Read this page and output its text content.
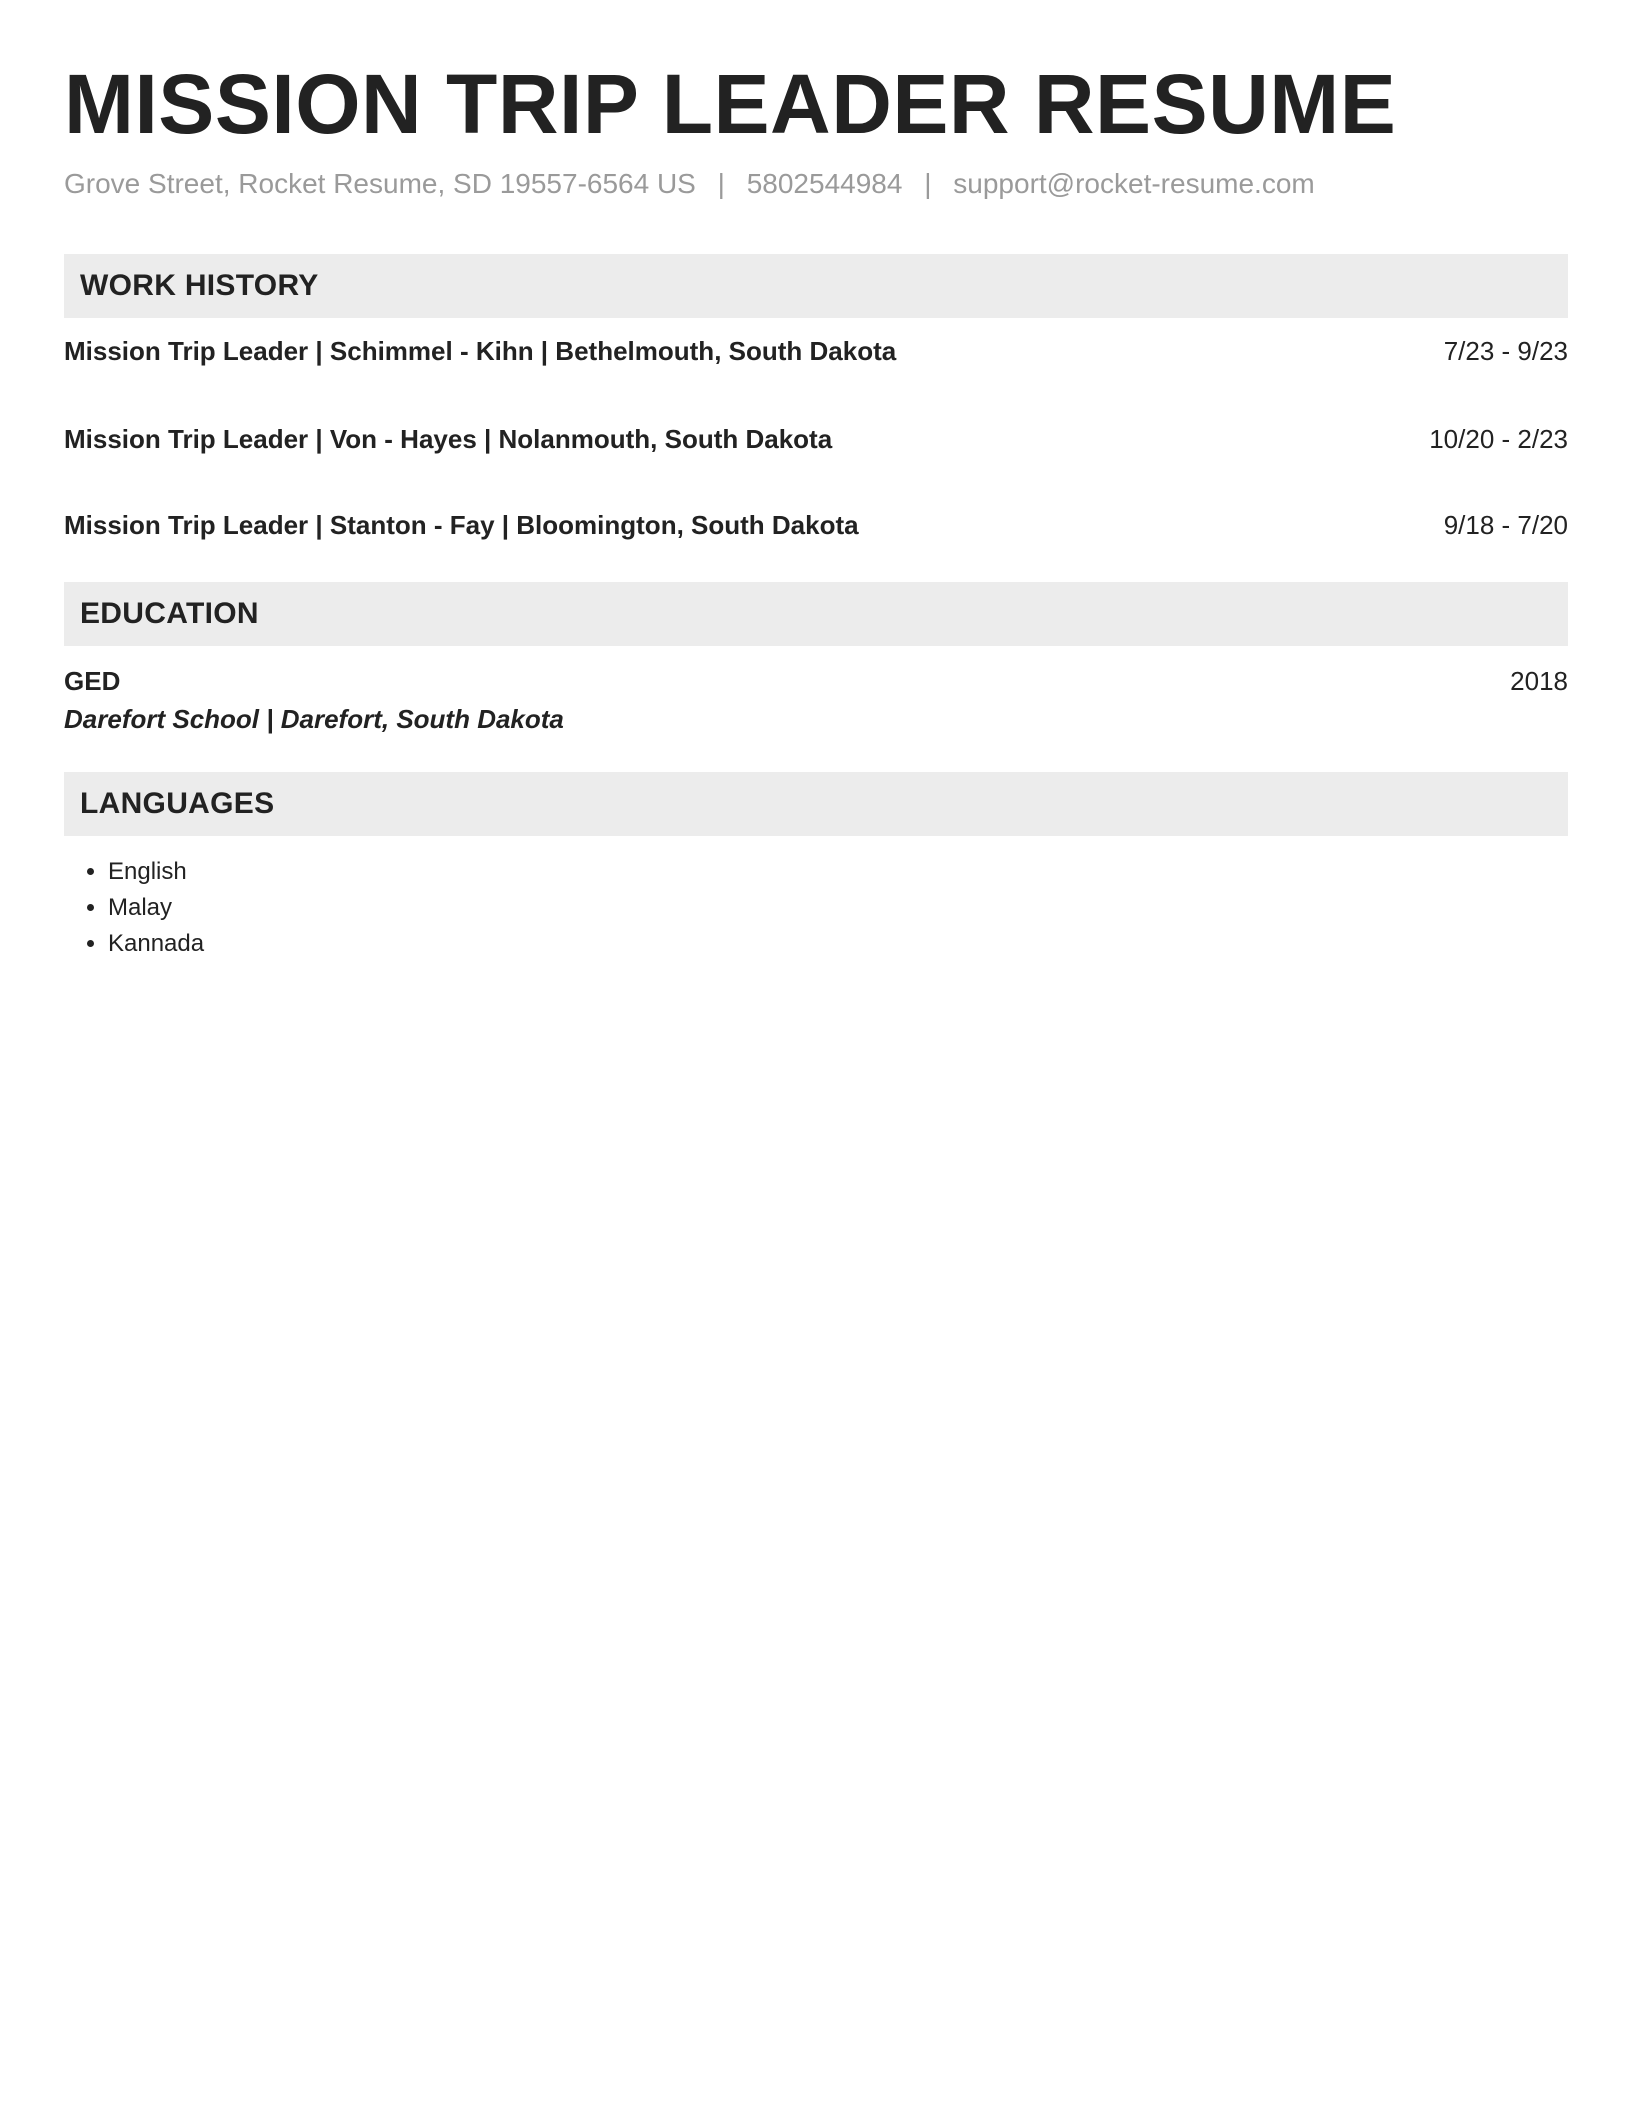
MISSION TRIP LEADER RESUME
Grove Street, Rocket Resume, SD 19557-6564 US | 5802544984 | support@rocket-resume.com
WORK HISTORY
Mission Trip Leader | Schimmel - Kihn | Bethelmouth, South Dakota	7/23 - 9/23
Mission Trip Leader | Von - Hayes | Nolanmouth, South Dakota	10/20 - 2/23
Mission Trip Leader | Stanton - Fay | Bloomington, South Dakota	9/18 - 7/20
EDUCATION
GED	2018
Darefort School | Darefort, South Dakota
LANGUAGES
• English
• Malay
• Kannada
